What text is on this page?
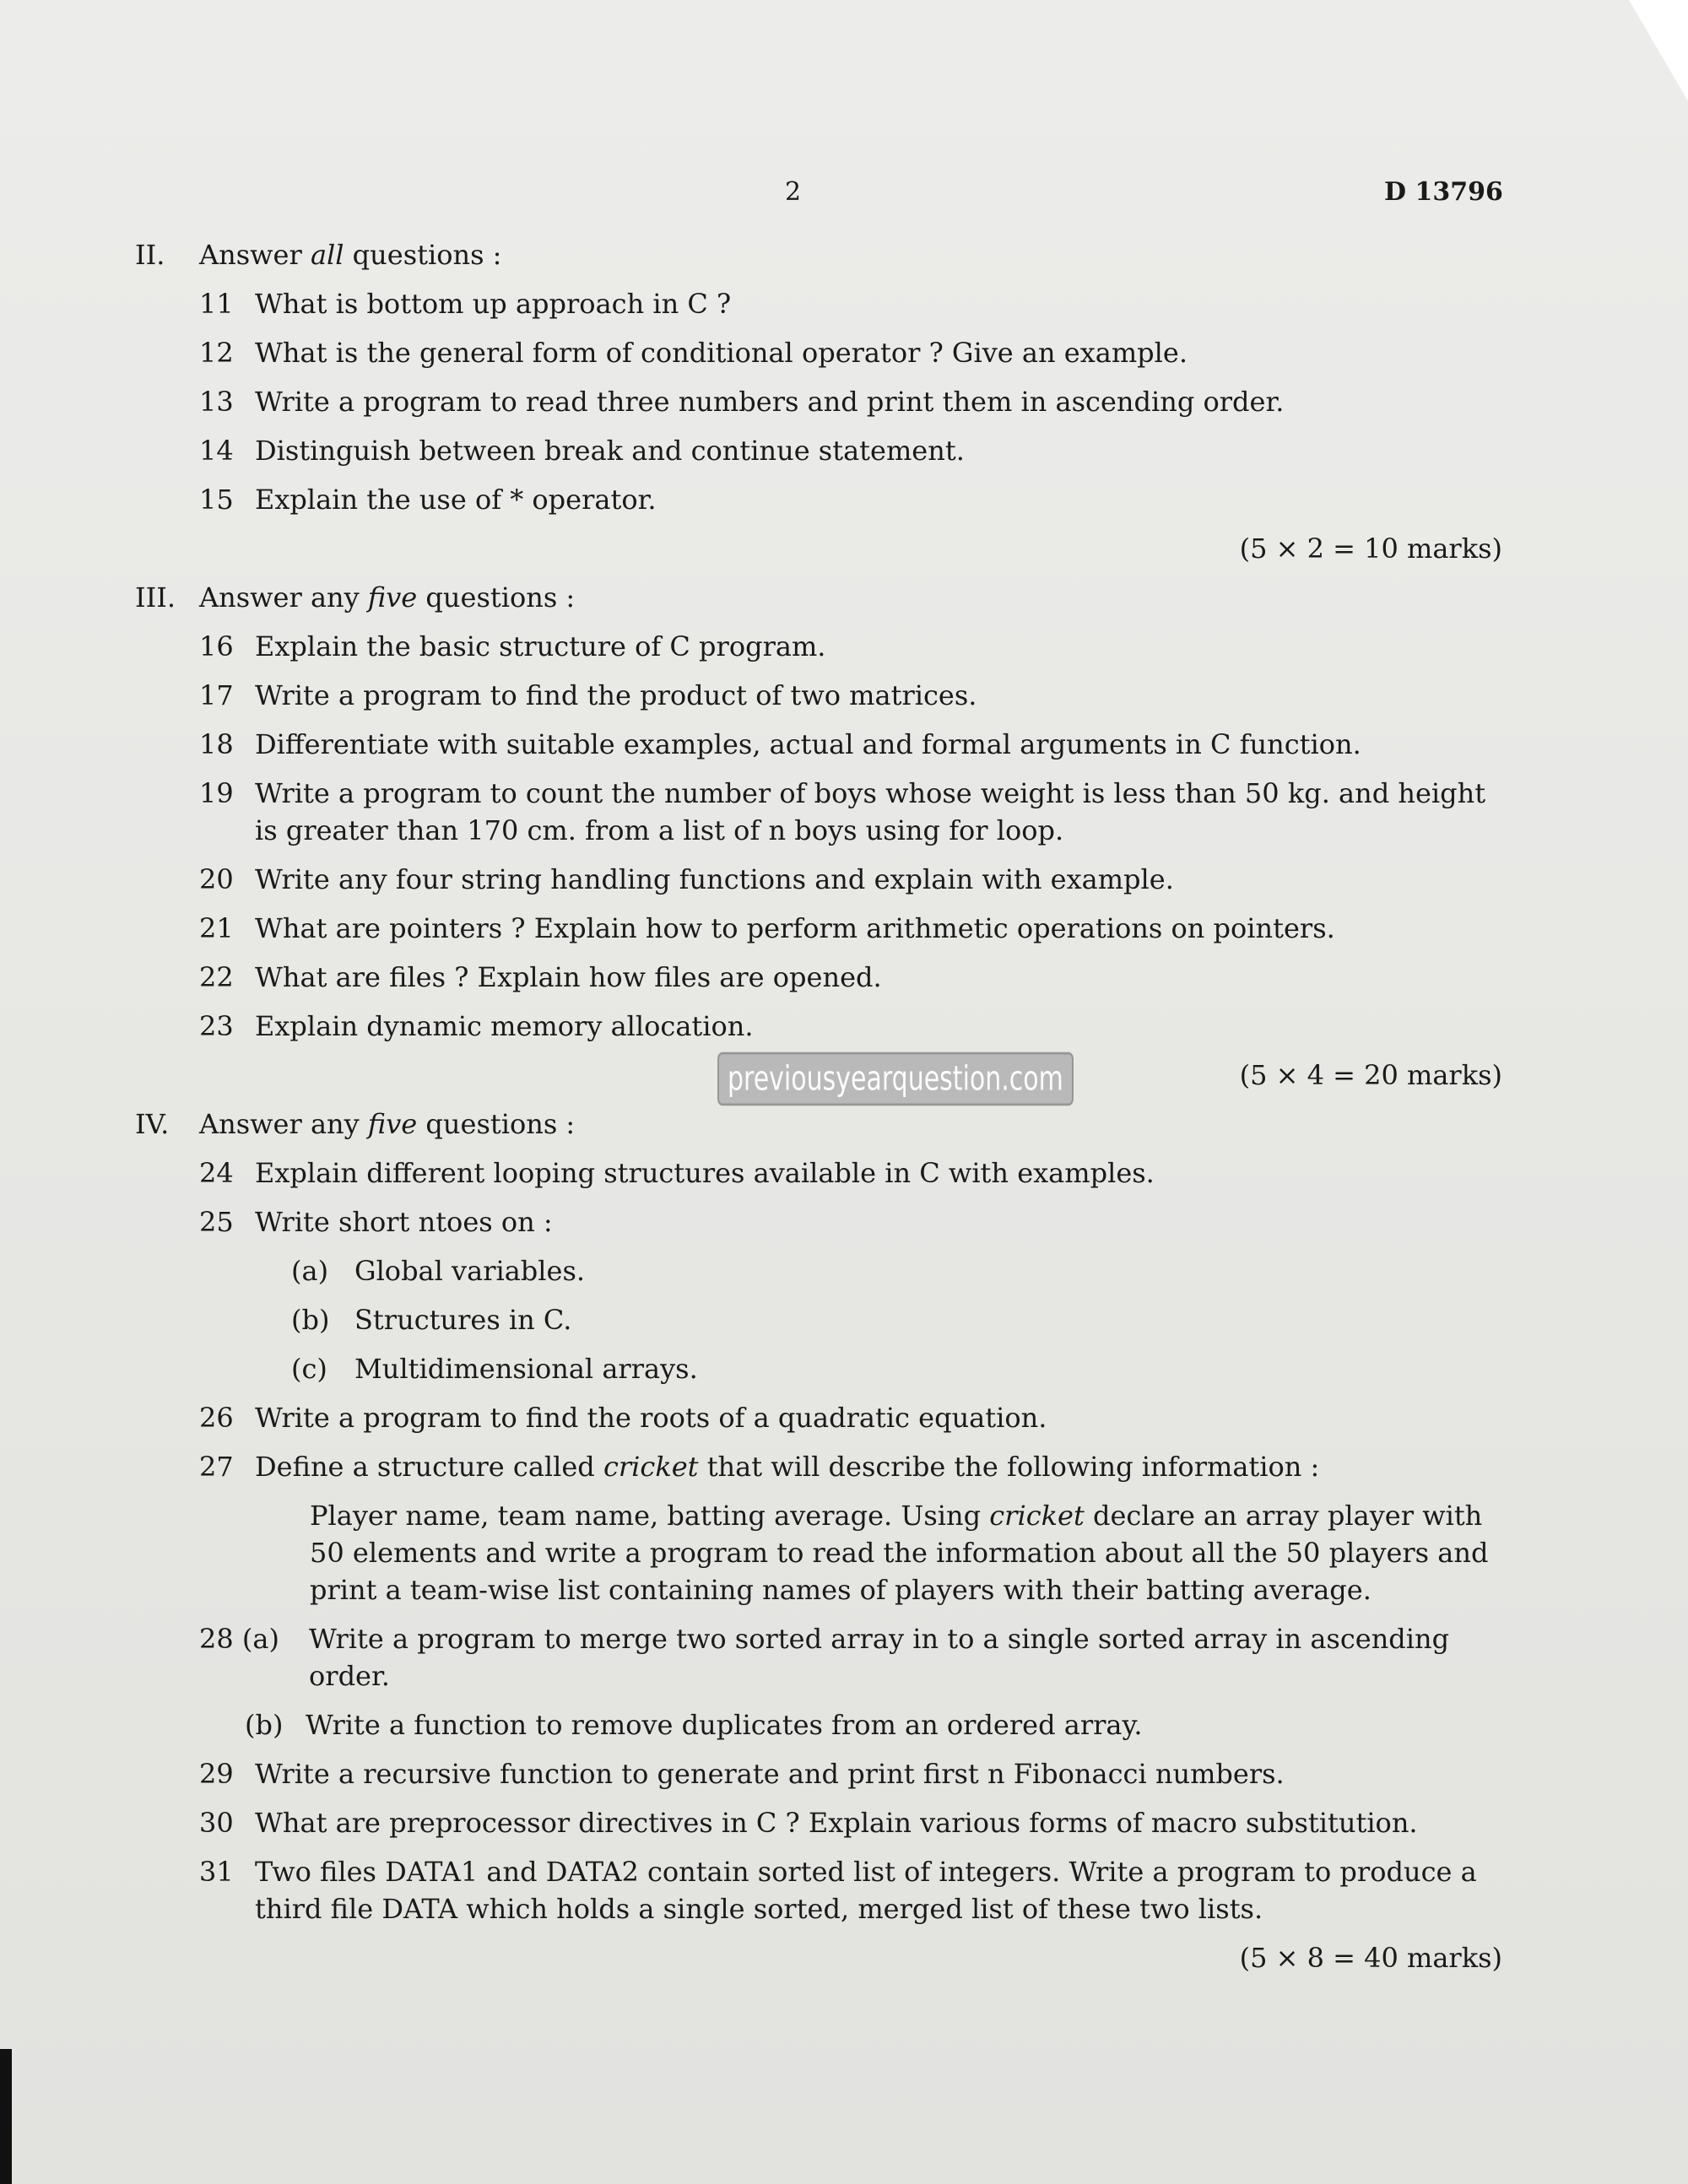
2	D 13796
II.	Answer all questions :
11 What is bottom up approach in C ?
12 What is the general form of conditional operator ? Give an example.
13 Write a program to read three numbers and print them in ascending order.
14 Distinguish between break and continue statement.
15 Explain the use of * operator.
(5 × 2 = 10 marks)
III. Answer any five questions :
16 Explain the basic structure of C program.
17 Write a program to find the product of two matrices.
18 Differentiate with suitable examples, actual and formal arguments in C function.
19 Write a program to count the number of boys whose weight is less than 50 kg. and height is greater than 170 cm. from a list of n boys using for loop.
20 Write any four string handling functions and explain with example.
21 What are pointers ? Explain how to perform arithmetic operations on pointers.
22 What are files ? Explain how files are opened.
23 Explain dynamic memory allocation.
(5 × 4 = 20 marks)
IV.	Answer any five questions :
24 Explain different looping structures available in C with examples.
25 Write short ntoes on :
(a) Global variables.
(b) Structures in C.
(c)	Multidimensional arrays.
26 Write a program to find the roots of a quadratic equation.
27 Define a structure called cricket that will describe the following information :
Player name, team name, batting average. Using cricket declare an array player with 50 elements and write a program to read the information about all the 50 players and print a team-wise list containing names of players with their batting average.
28 (a)	Write a program to merge two sorted array in to a single sorted array in ascending order.
(b) Write a function to remove duplicates from an ordered array.
29 Write a recursive function to generate and print first n Fibonacci numbers.
30 What are preprocessor directives in C ? Explain various forms of macro substitution.
31 Two files DATA1 and DATA2 contain sorted list of integers. Write a program to produce a third file DATA which holds a single sorted, merged list of these two lists.
(5 × 8 = 40 marks)
previousyearquestion.com
